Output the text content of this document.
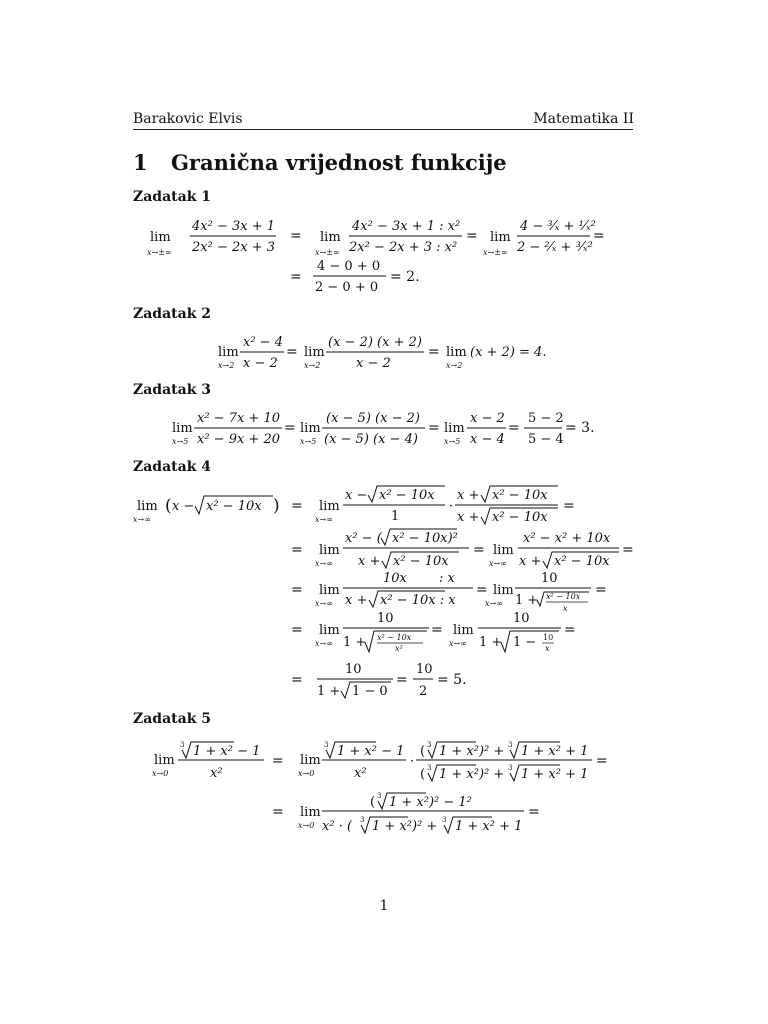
Barakovic Elvis	Matematika II
1 Granična vrijednost funkcije
Zadatak 1
Zadatak 2
Zadatak 3
Zadatak 4
Zadatak 5
lim
x→±∞
4x² − 3x + 1
2x² − 2x + 3
= lim
x→±∞
4x² − 3x + 1 : x²
2x² − 2x + 3 : x²
= lim
x→±∞
4 − ³⁄ₓ + ¹⁄ₓ²
2 − ²⁄ₓ + ³⁄ₓ²
=
=
4 − 0 + 0
2 − 0 + 0
= 2.
lim
x→2
x² − 4
x − 2
= lim
x→2
(x − 2) (x + 2)
x − 2
= lim
x→2
(x + 2) = 4.
lim
x→5
x² − 7x + 10
x² − 9x + 20
= lim
x→5
(x − 5) (x − 2)
(x − 5) (x − 4)
= lim
x→5
x − 2
x − 4
=
5 − 2
5 − 4
= 3.
lim
x→∞
( x − x² − 10x ) = lim
x→∞
x − x² − 10x
1
·
x + x² − 10x
x + x² − 10x
=
= lim
x→∞
x² − ( x² − 10x)²
x + x² − 10x
= lim
x→∞
x² − x² + 10x
x + x² − 10x
=
= lim
x→∞
10x
x + x² − 10x : x
: x
= lim
x→∞
10
1 + x² − 10x
x
=
= lim
x→∞
10
1 + x² − 10x
x²
= lim
x→∞
10
1 + 1 − 10
x
=
=
10
1 + 1 − 0
=
10
2
= 5.
lim
x→0
3 1 + x² − 1
x²
= lim
x→0
3 1 + x² − 1
x²
·
( 3 1 + x²)² + 3 1 + x² + 1
( 3 1 + x²)² + 3 1 + x² + 1
=
= lim
x→0
( 3 1 + x²)² − 1²
x² · ( 3 1 + x²)² + 3 1 + x² + 1
=
1
